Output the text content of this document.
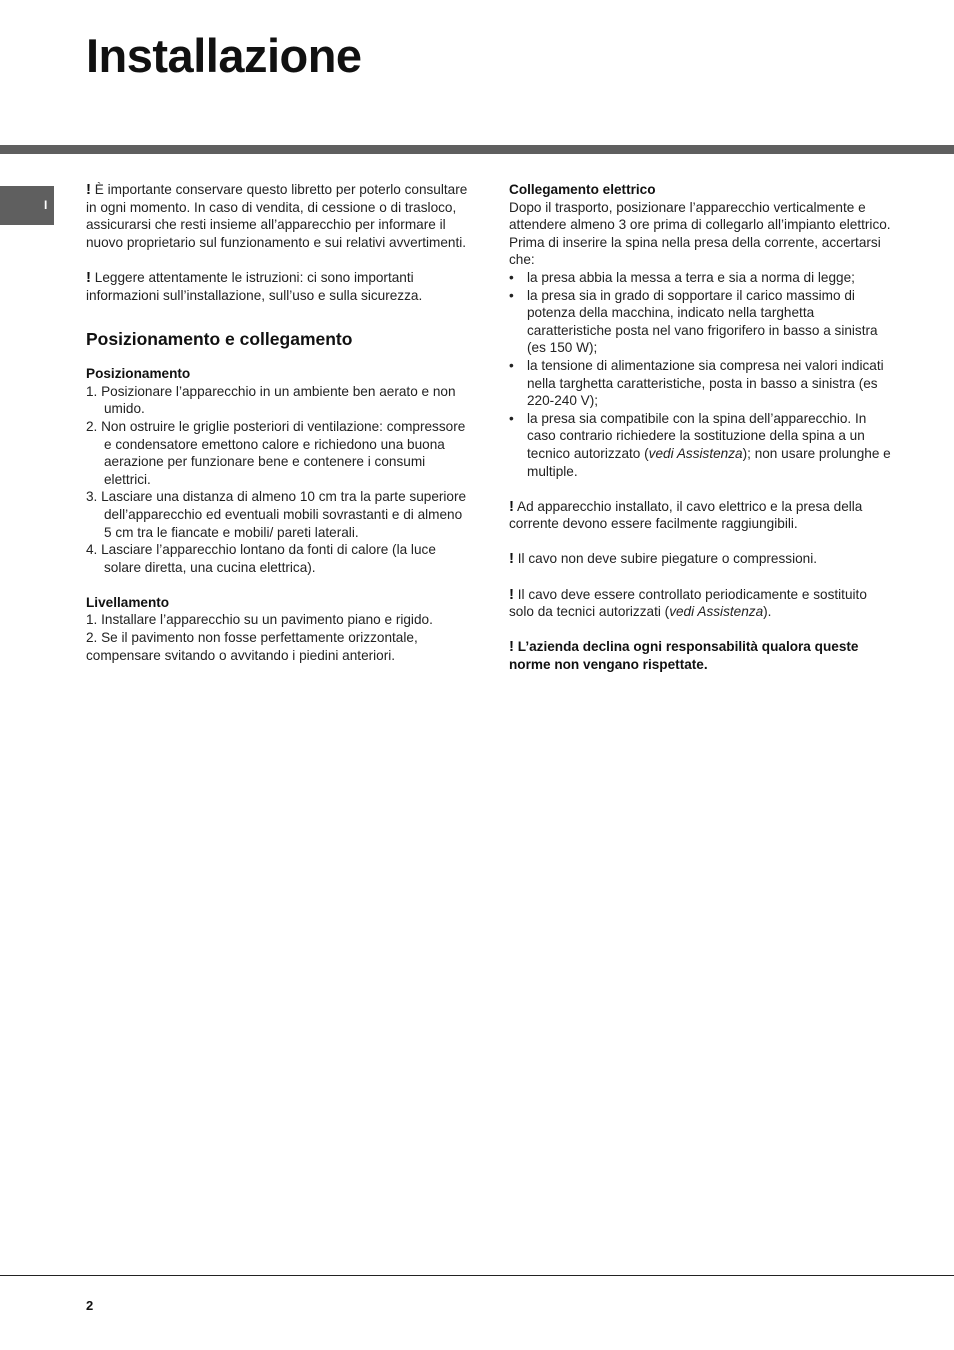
Installazione
I

! È importante conservare questo libretto per poterlo consultare in ogni momento. In caso di vendita, di cessione o di trasloco, assicurarsi che resti insieme all’apparecchio per informare il nuovo proprietario sul funzionamento e sui relativi avvertimenti.

! Leggere attentamente le istruzioni: ci sono importanti informazioni sull’installazione, sull’uso e sulla sicurezza.

Posizionamento e collegamento
Posizionamento
1. Posizionare l’apparecchio in un ambiente ben aerato e non umido.
2. Non ostruire le griglie posteriori di ventilazione: compressore e condensatore emettono calore e richiedono una buona aerazione per funzionare bene e contenere i consumi elettrici.
3. Lasciare una distanza di almeno 10 cm tra la parte superiore dell’apparecchio ed eventuali mobili sovrastanti e di almeno 5 cm tra le fiancate e mobili/ pareti laterali.
4. Lasciare l’apparecchio lontano da fonti di calore (la luce solare diretta, una cucina elettrica).
Livellamento

1. Installare l’apparecchio su un pavimento piano e rigido.

2. Se il pavimento non fosse perfettamente orizzontale, compensare svitando o avvitando i piedini anteriori.

Collegamento elettrico

Dopo il trasporto, posizionare l’apparecchio verticalmente e attendere almeno 3 ore prima di collegarlo all’impianto elettrico. Prima di inserire la spina nella presa della corrente, accertarsi che:

• la presa abbia la messa a terra e sia a norma di legge;
• la presa sia in grado di sopportare il carico massimo di potenza della macchina, indicato nella targhetta caratteristiche posta nel vano frigorifero in basso a sinistra (es 150 W);
• la tensione di alimentazione sia compresa nei valori indicati nella targhetta caratteristiche, posta in basso a sinistra (es 220-240 V);
• la presa sia compatibile con la spina dell’apparecchio. In caso contrario richiedere la sostituzione della spina a un tecnico autorizzato (vedi Assistenza); non usare prolunghe e multiple.

! Ad apparecchio installato, il cavo elettrico e la presa della corrente devono essere facilmente raggiungibili.

! Il cavo non deve subire piegature o compressioni.

! Il cavo deve essere controllato periodicamente e sostituito solo da tecnici autorizzati (vedi Assistenza).

! L’azienda declina ogni responsabilità qualora queste norme non vengano rispettate.

2
